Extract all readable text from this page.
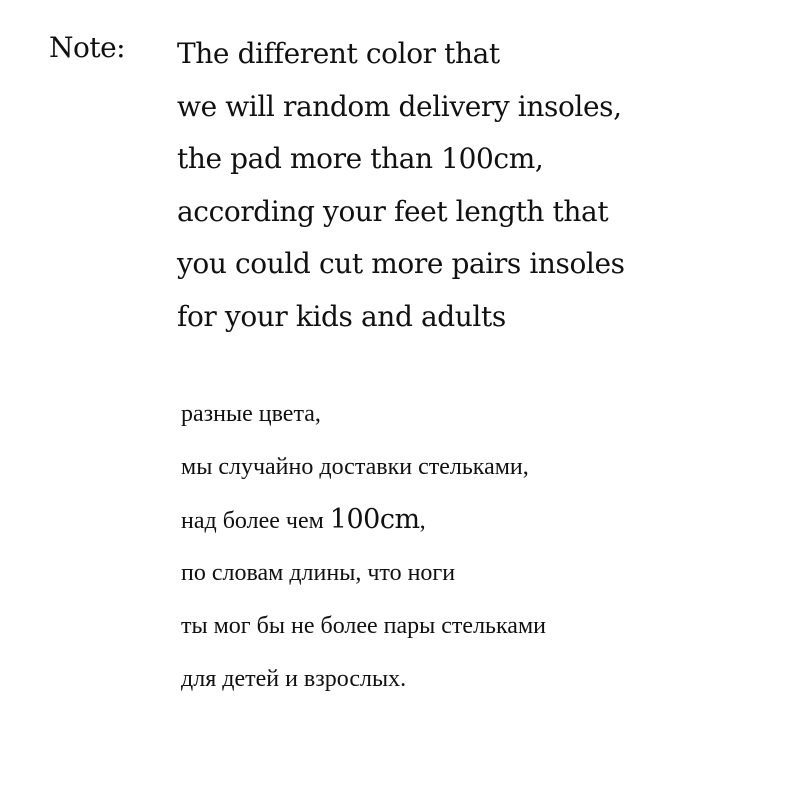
Note: The different color that
we will random delivery insoles,
the pad more than 100cm,
according your feet length that
you could cut more pairs insoles
for your kids and adults
разные цвета,
мы случайно доставки стельками,
над более чем 100cm,
по словам длины, что ноги
ты мог бы не более пары стельками
для детей и взрослых.
